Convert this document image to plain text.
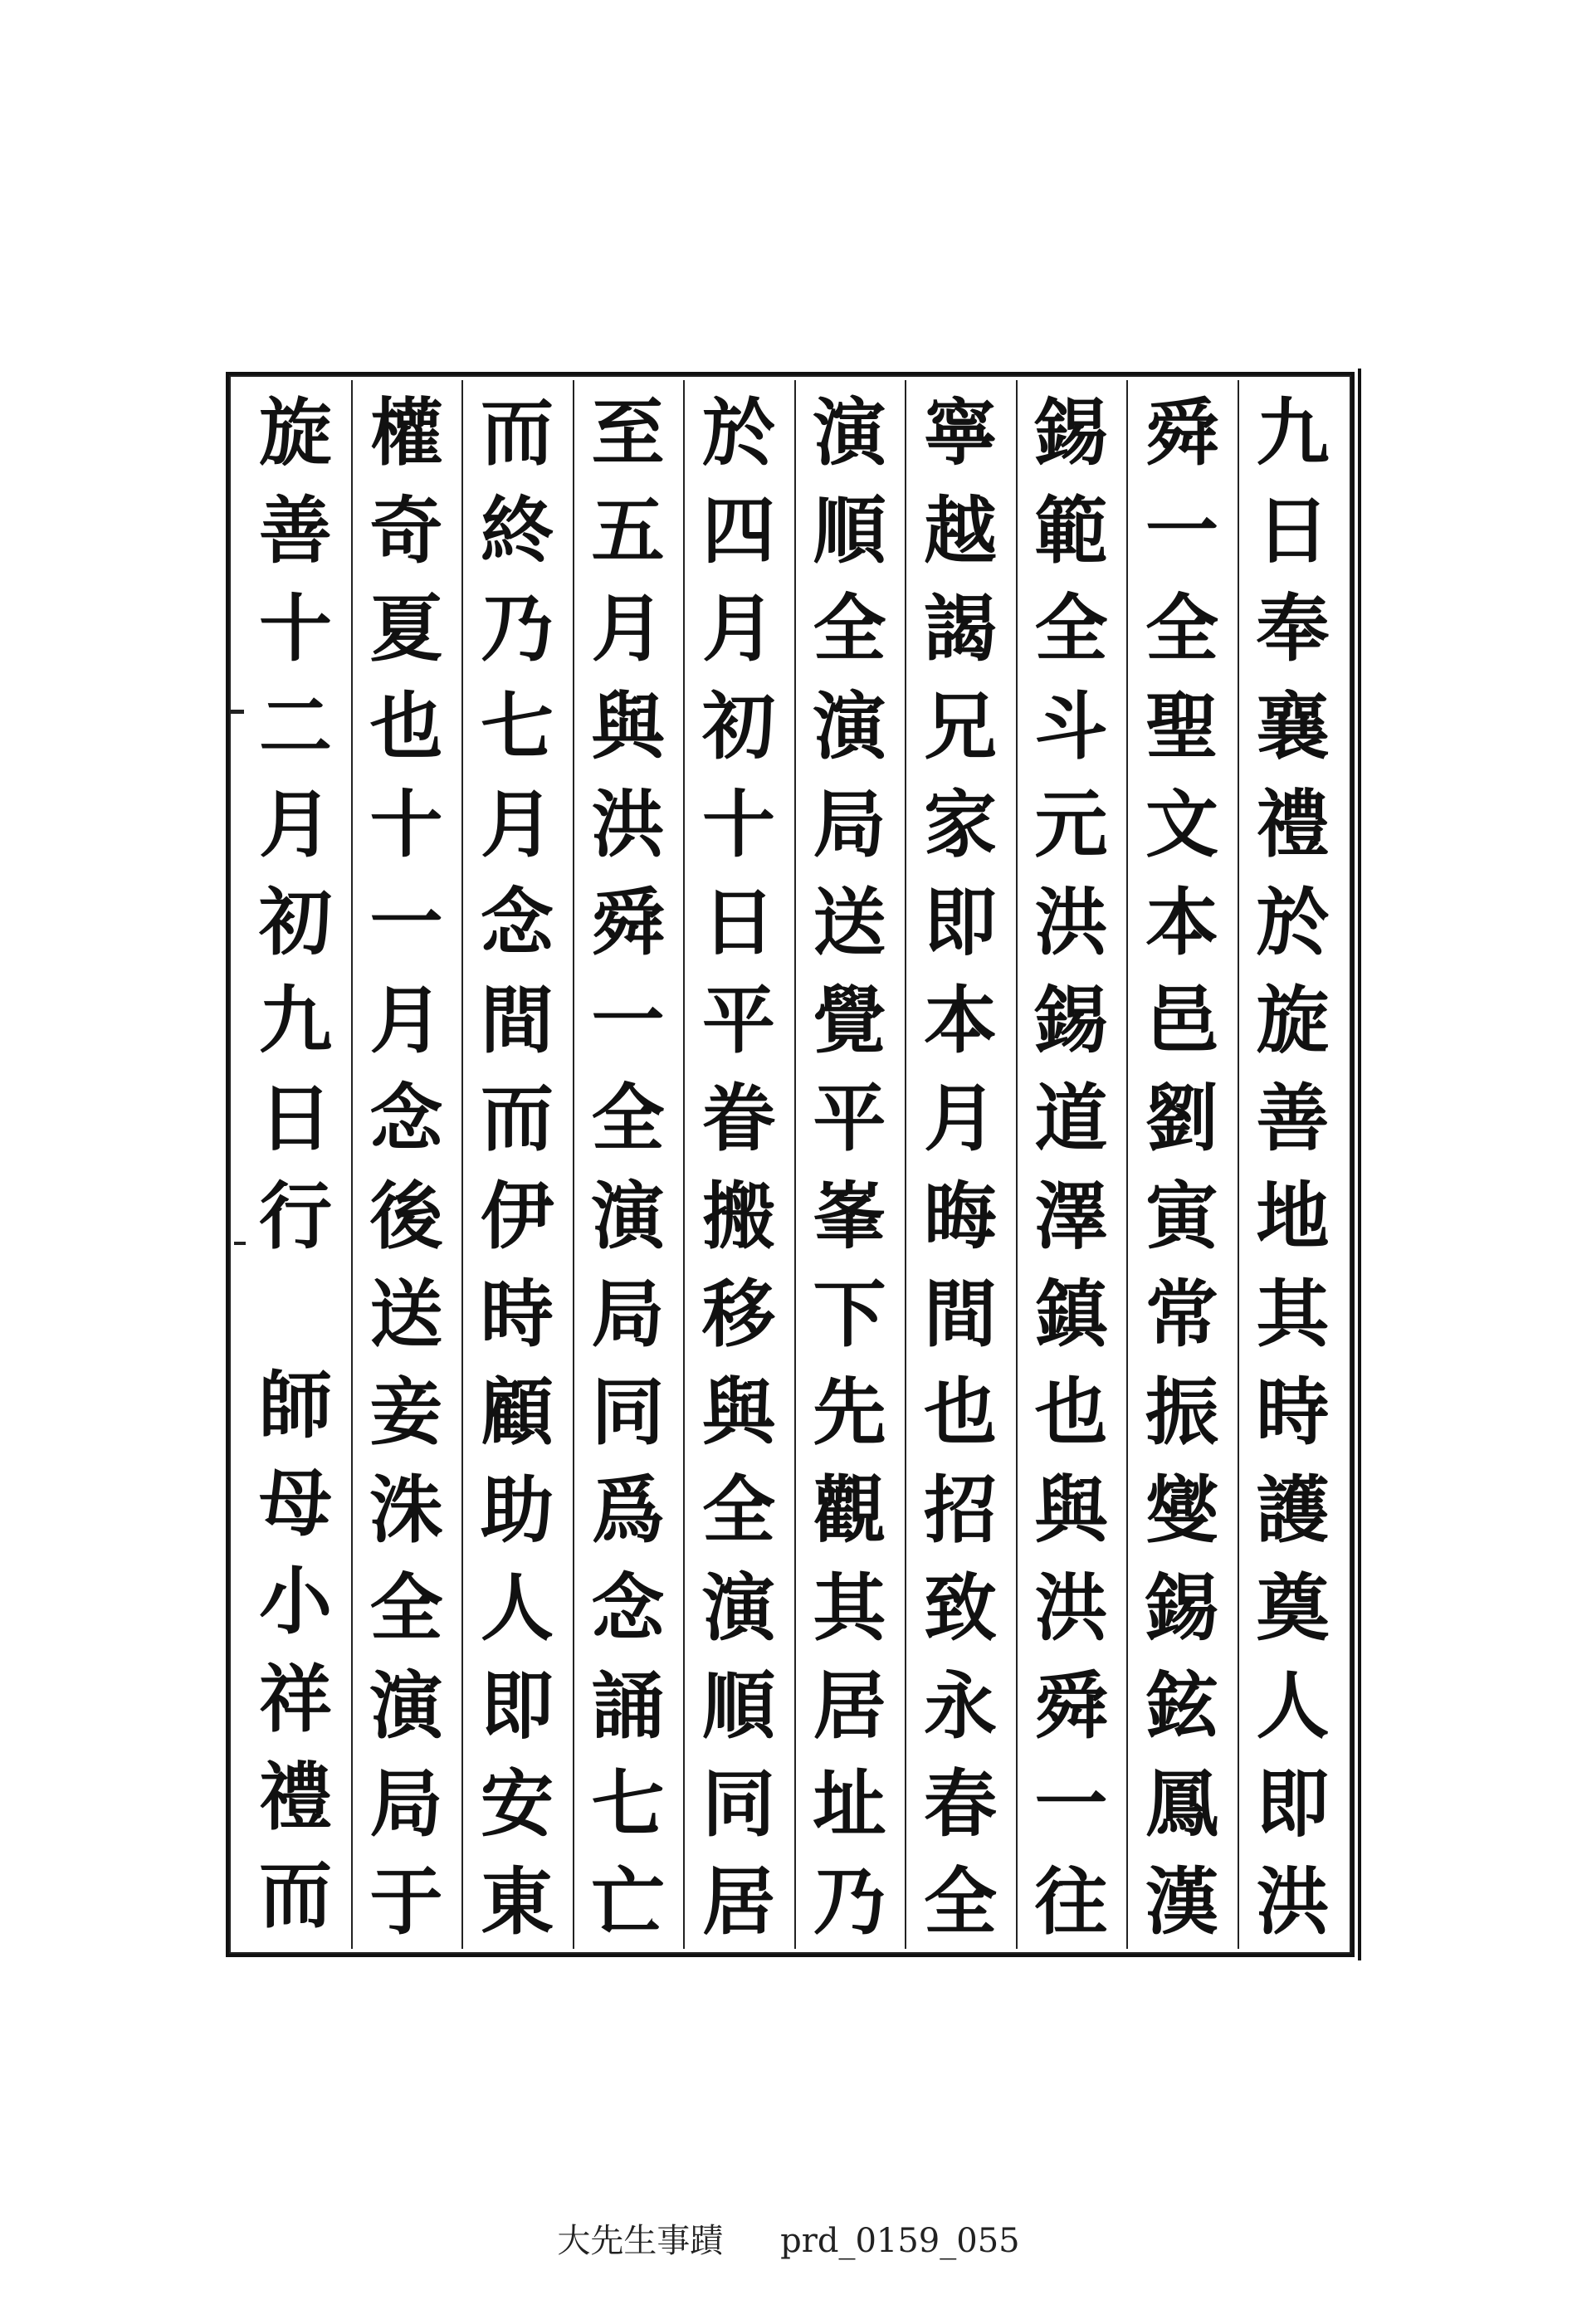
九
日
奉
襄
禮
於
旋
善
地
其
時
護
奠
人
即
洪
舜
一
全
聖
文
本
邑
劉
寅
常
振
燮
錫
鉉
鳳
漢
錫
範
全
斗
元
洪
錫
道
澤
鎮
也
與
洪
舜
一
往
寧
越
謁
兄
家
即
本
月
晦
間
也
招
致
永
春
全
演
順
全
演
局
送
覺
平
峯
下
先
觀
其
居
址
乃
於
四
月
初
十
日
平
眷
搬
移
與
全
演
順
同
居
至
五
月
與
洪
舜
一
全
演
局
同
爲
念
誦
七
亡
而
終
乃
七
月
念
間
而
伊
時
顧
助
人
即
安
東
權
奇
夏
也
十
一
月
念
後
送
妾
洙
全
演
局
于
旋
善
十
二
月
初
九
日
行
師
母
小
祥
禮
而
大先生事蹟 prd_0159_055
